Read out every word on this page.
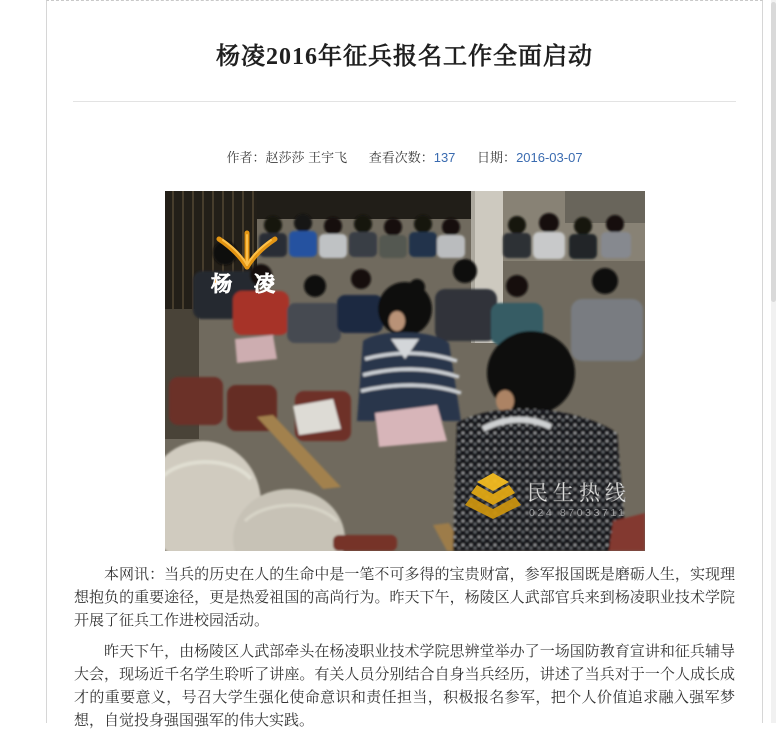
杨凌2016年征兵报名工作全面启动
作者：赵莎莎 王宇飞 查看次数：137 日期：2016-03-07
杨 凌
民生热线
024 87033711

本网讯：当兵的历史在人的生命中是一笔不可多得的宝贵财富，参军报国既是磨砺人生，实现理想抱负的重要途径，更是热爱祖国的高尚行为。昨天下午，杨陵区人武部官兵来到杨凌职业技术学院开展了征兵工作进校园活动。

昨天下午，由杨陵区人武部牵头在杨凌职业技术学院思辨堂举办了一场国防教育宣讲和征兵辅导大会，现场近千名学生聆听了讲座。有关人员分别结合自身当兵经历，讲述了当兵对于一个人成长成才的重要意义，号召大学生强化使命意识和责任担当，积极报名参军，把个人价值追求融入强军梦想，自觉投身强国强军的伟大实践。
